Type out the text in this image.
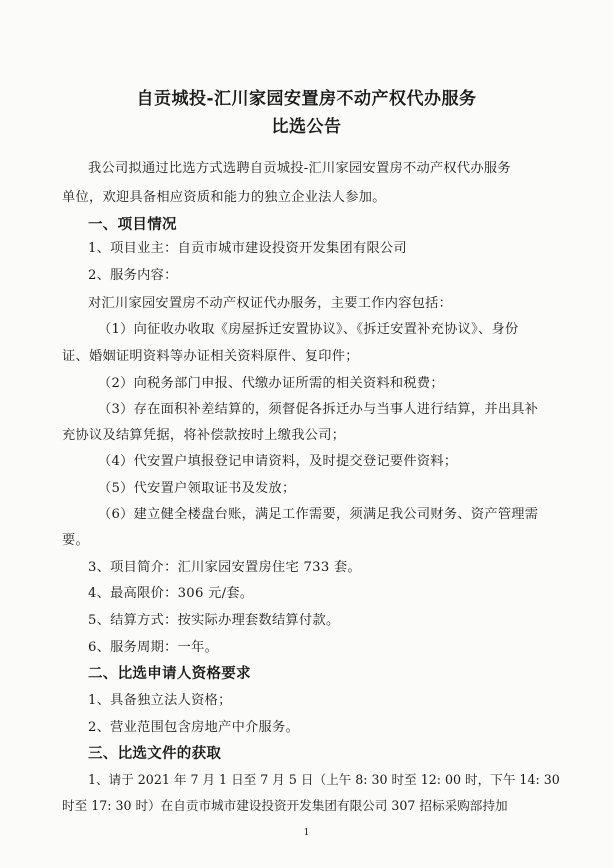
自贡城投-汇川家园安置房不动产权代办服务
比选公告
我公司拟通过比选方式选聘自贡城投-汇川家园安置房不动产权代办服务
单位，欢迎具备相应资质和能力的独立企业法人参加。
一、项目情况
1、项目业主：自贡市城市建设投资开发集团有限公司
2、服务内容：
对汇川家园安置房不动产权证代办服务，主要工作内容包括：
（1）向征收办收取《房屋拆迁安置协议》、《拆迁安置补充协议》、身份
证、婚姻证明资料等办证相关资料原件、复印件；
（2）向税务部门申报、代缴办证所需的相关资料和税费；
（3）存在面积补差结算的，须督促各拆迁办与当事人进行结算，并出具补
充协议及结算凭据，将补偿款按时上缴我公司；
（4）代安置户填报登记申请资料，及时提交登记要件资料；
（5）代安置户领取证书及发放；
（6）建立健全楼盘台账，满足工作需要，须满足我公司财务、资产管理需
要。
3、项目简介：汇川家园安置房住宅 733 套。
4、最高限价：306 元/套。
5、结算方式：按实际办理套数结算付款。
6、服务周期：一年。
二、比选申请人资格要求
1、具备独立法人资格；
2、营业范围包含房地产中介服务。
三、比选文件的获取
1、请于 2021 年 7 月 1 日至 7 月 5 日（上午 8: 30 时至 12: 00 时，下午 14: 30
时至 17: 30 时）在自贡市城市建设投资开发集团有限公司 307 招标采购部持加
1
